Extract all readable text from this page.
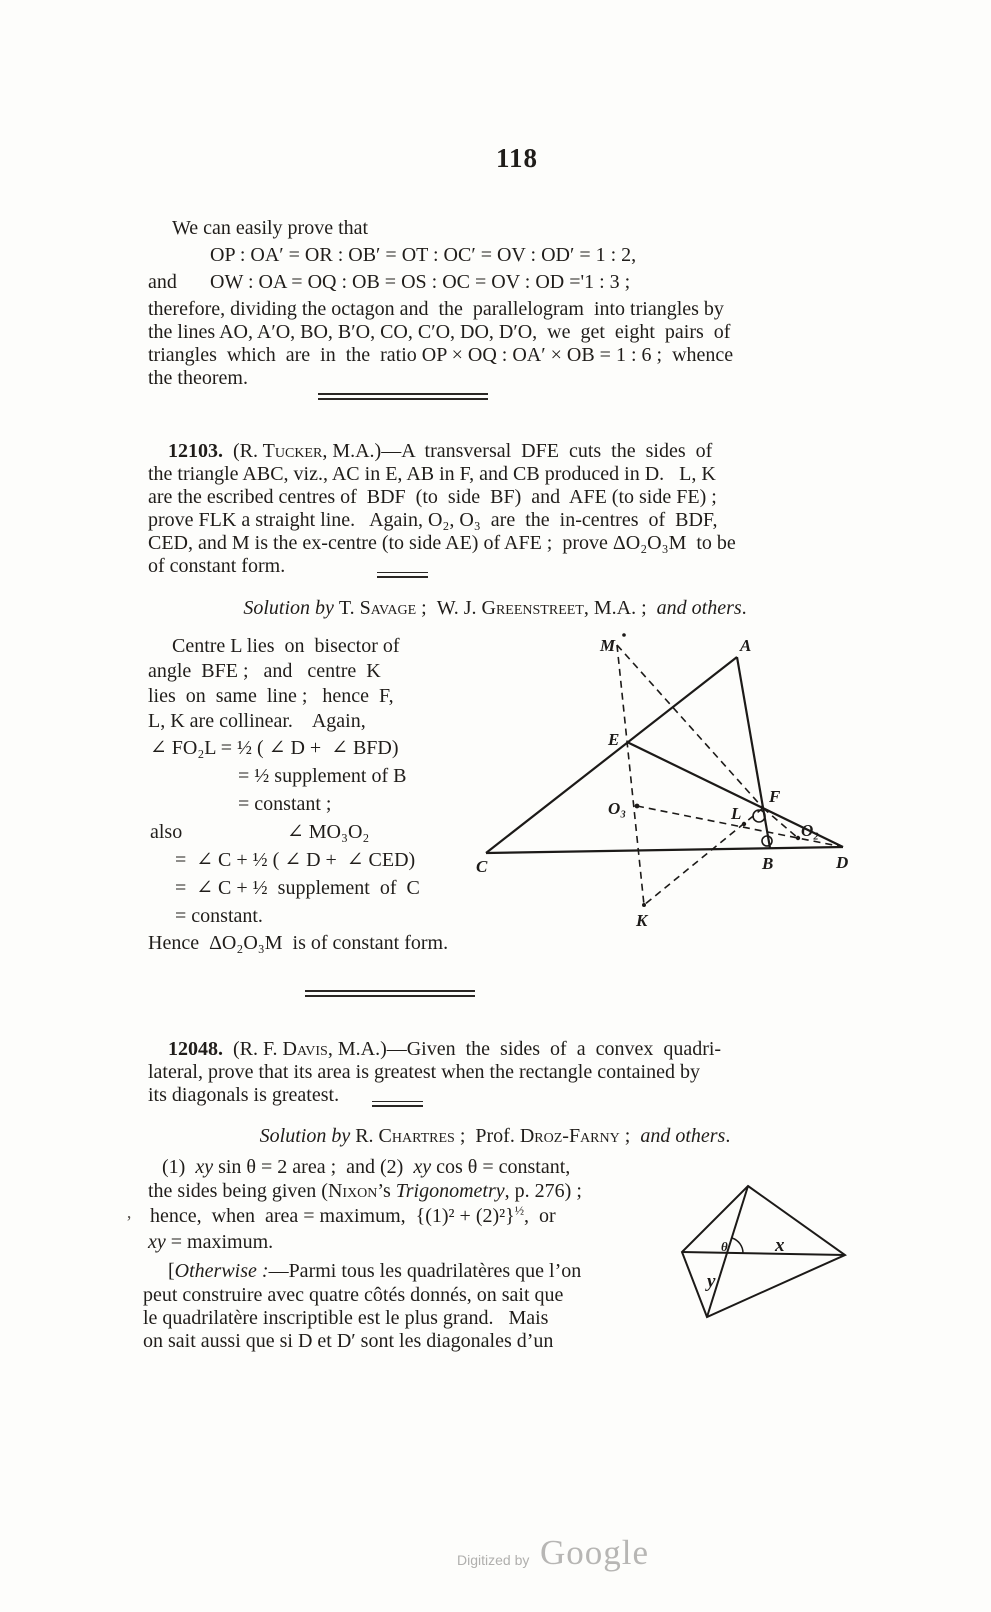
118
We can easily prove that
OP : OA′ = OR : OB′ = OT : OC′ = OV : OD′ = 1 : 2,
and OW : OA = OQ : OB = OS : OC = OV : OD ='1 : 3 ;
therefore, dividing the octagon and  the  parallelogram  into triangles by
the lines AO, A′O, BO, B′O, CO, C′O, DO, D′O,  we  get  eight  pairs  of
triangles  which  are  in  the  ratio OP × OQ : OA′ × OB = 1 : 6 ;  whence
the theorem.
12103.  (R. Tucker, M.A.)—A  transversal  DFE  cuts  the  sides  of
the triangle ABC, viz., AC in E, AB in F, and CB produced in D.   L, K
are the escribed centres of  BDF  (to  side  BF)  and  AFE (to side FE) ;
prove FLK a straight line.   Again, O₂, O₃  are  the  in-centres  of  BDF,
CED, and M is the ex-centre (to side AE) of AFE ;  prove ΔO₂O₃M  to be
of constant form.
Solution by T. Savage ;  W. J. Greenstreet, M.A. ;  and others.
Centre L lies  on  bisector of
angle  BFE ;   and   centre  K
lies  on  same  line ;   hence  F,
L, K are collinear.    Again,
∠ FO₂L = ½ ( ∠ D +  ∠ BFD)
= ½ supplement of B
= constant ;
also	∠ MO₃O₂
=  ∠ C + ½ ( ∠ D +  ∠ CED)
=  ∠ C + ½  supplement  of  C
= constant.
Hence  ΔO₂O₃M  is of constant form.
M	A
E
O₃
F
L
O₂
C	B	D
K
12048.  (R. F. Davis, M.A.)—Given  the  sides  of  a  convex  quadri-
lateral, prove that its area is greatest when the rectangle contained by
its diagonals is greatest.
Solution by R. Chartres ;  Prof. Droz-Farny ;  and others.
(1)  xy sin θ = 2 area ;  and (2)  xy cos θ = constant,
the sides being given (Nixon’s Trigonometry, p. 276) ;
hence,  when  area = maximum,  $\{(1)^2 + (2)^2\}^{\frac{1}{2}}$,  or
xy = maximum.
[Otherwise :—Parmi tous les quadrilatères que l’on
peut construire avec quatre côtés donnés, on sait que
le quadrilatère inscriptible est le plus grand.   Mais
on sait aussi que si D et D′ sont les diagonales d’un
θ x
y
‚
Digitized by Google
